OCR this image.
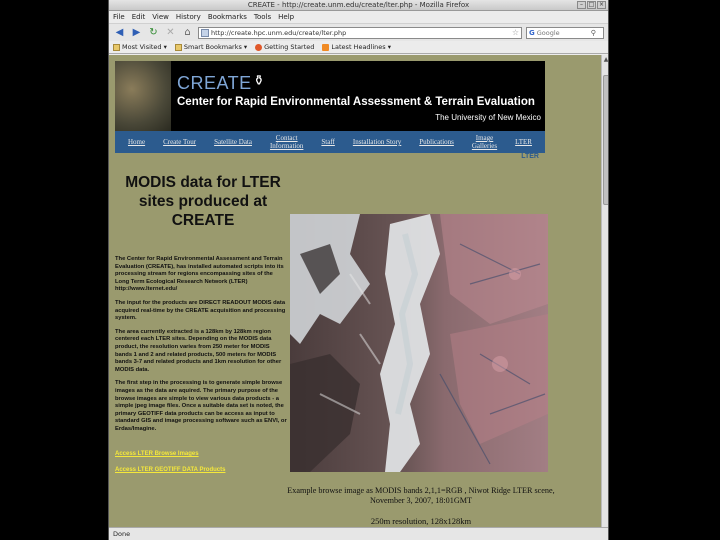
CREATE - http://create.unm.edu/create/lter.php - Mozilla Firefox	– □ ×
File Edit View History Bookmarks Tools Help
◀ ▶ ↻ ✕ ⌂	http://create.hpc.unm.edu/create/lter.php	☆ G
Google	⚲
Most Visited ▾	Smart Bookmarks ▾	Getting Started	Latest Headlines ▾
CREATE ⚱
Center for Rapid Environmental Assessment & Terrain Evaluation
The University of New Mexico
Home	Create Tour	Satellite Data	Contact
Information	Staff	Installation Story	Publications	Image
Galleries	LTER
LTER
MODIS data for LTER sites produced at CREATE

The Center for Rapid Environmental Assessment and Terrain Evaluation (CREATE), has installed automated scripts into its processing stream for regions encompassing sites of the Long Term Ecological Research Network (LTER) http://www.lternet.edu/

The input for the products are DIRECT READOUT MODIS data acquired real-time by the CREATE acquisition and processing system.

The area currently extracted is a 128km by 128km region centered each LTER sites. Depending on the MODIS data product, the resolution varies from 250 meter for MODIS bands 1 and 2 and related products, 500 meters for MODIS bands 3-7 and related products and 1km resolution for other MODIS data.

The first step in the processing is to generate simple browse images as the data are aquired. The primary purpose of the browse images are simple to view various data products - a simple jpeg image files. Once a suitable data set is noted, the primary GEOTIFF data products can be access as input to standard GIS and image processing software such as ENVI, or Erdas/Imagine.

Access LTER Browse Images
Access LTER GEOTIFF DATA Products
Example browse image as MODIS bands 2,1,1=RGB , Niwot Ridge LTER scene, November 3, 2007, 18:01GMT
250m resolution, 128x128km
▲
Done
